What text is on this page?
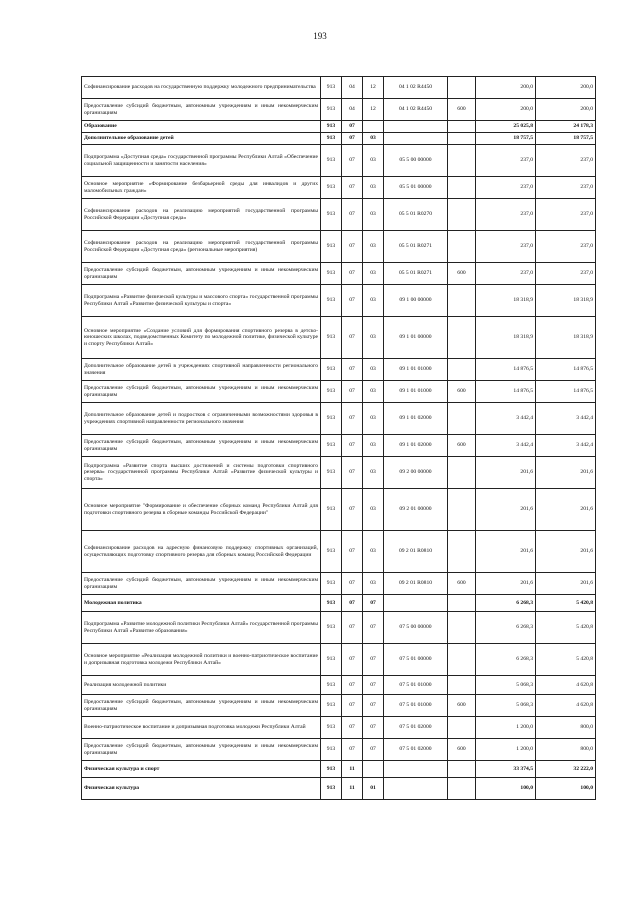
193
Софинансирование расходов на государственную поддержку молодежного предпринимательства	913	04	12	04 1 02 R4450		200,0	200,0
Предоставление субсидий бюджетным, автономным учреждениям и иным некоммерческим организациям	913	04	12	04 1 02 R4450	600	200,0	200,0
Образование	913	07				25 025,8	24 178,3
Дополнительное образование детей	913	07	03			18 757,5	18 757,5
Подпрограмма «Доступная среда» государственной программы Республики Алтай «Обеспечение социальной защищенности и занятости населения»	913	07	03	05 5 00 00000		237,0	237,0
Основное мероприятие «Формирование безбарьерной среды для инвалидов и других маломобильных граждан»	913	07	03	05 5 01 00000		237,0	237,0
Софинансирование расходов на реализацию мероприятий государственной программы Российской Федерации «Доступная среда»	913	07	03	05 5 01 R0270		237,0	237,0
Софинансирование расходов на реализацию мероприятий государственной программы Российской Федерации «Доступная среда» (региональные мероприятия)	913	07	03	05 5 01 R0271		237,0	237,0
Предоставление субсидий бюджетным, автономным учреждениям и иным некоммерческим организациям	913	07	03	05 5 01 R0271	600	237,0	237,0
Подпрограмма «Развитие физической культуры и массового спорта» государственной программы Республики Алтай «Развитие физической культуры и спорта»	913	07	03	09 1 00 00000		18 318,9	18 318,9
Основное мероприятие «Создание условий для формирования спортивного резерва в детско-юношеских школах, подведомственных Комитету по молодежной политике, физической культуре и спорту Республики Алтай»	913	07	03	09 1 01 00000		18 318,9	18 318,9
Дополнительное образование детей в учреждениях спортивной направленности регионального значения	913	07	03	09 1 01 01000		14 876,5	14 876,5
Предоставление субсидий бюджетным, автономным учреждениям и иным некоммерческим организациям	913	07	03	09 1 01 01000	600	14 876,5	14 876,5
Дополнительное образование детей и подростков с ограниченными возможностями здоровья в учреждениях спортивной направленности регионального значения	913	07	03	09 1 01 02000		3 442,4	3 442,4
Предоставление субсидий бюджетным, автономным учреждениям и иным некоммерческим организациям	913	07	03	09 1 01 02000	600	3 442,4	3 442,4
Подпрограмма «Развитие спорта высших достижений и системы подготовки спортивного резерва» государственной программы Республики Алтай «Развитие физической культуры и спорта»	913	07	03	09 2 00 00000		201,6	201,6
Основное мероприятие "Формирование и обеспечение сборных команд Республики Алтай для подготовки спортивного резерва в сборные команды Российской Федерации"	913	07	03	09 2 01 00000		201,6	201,6
Софинансирование расходов на адресную финансовую поддержку спортивных организаций, осуществляющих подготовку спортивного резерва для сборных команд Российской Федерации	913	07	03	09 2 01 R0810		201,6	201,6
Предоставление субсидий бюджетным, автономным учреждениям и иным некоммерческим организациям	913	07	03	09 2 01 R0810	600	201,6	201,6
Молодежная политика	913	07	07			6 268,3	5 420,8
Подпрограмма «Развитие молодежной политики Республики Алтай» государственной программы Республики Алтай «Развитие образования»	913	07	07	07 5 00 00000		6 268,3	5 420,8
Основное мероприятие «Реализация молодежной политики и военно-патриотическое воспитание и допризывная подготовка молодежи Республики Алтай»	913	07	07	07 5 01 00000		6 268,3	5 420,8
Реализация молодежной политики	913	07	07	07 5 01 01000		5 068,3	4 620,8
Предоставление субсидий бюджетным, автономным учреждениям и иным некоммерческим организациям	913	07	07	07 5 01 01000	600	5 068,3	4 620,8
Военно-патриотическое воспитание и допризывная подготовка молодежи Республики Алтай	913	07	07	07 5 01 02000		1 200,0	800,0
Предоставление субсидий бюджетным, автономным учреждениям и иным некоммерческим организациям	913	07	07	07 5 01 02000	600	1 200,0	800,0
Физическая культура и спорт	913	11				33 374,5	32 222,0
Физическая культура	913	11	01			100,0	100,0
